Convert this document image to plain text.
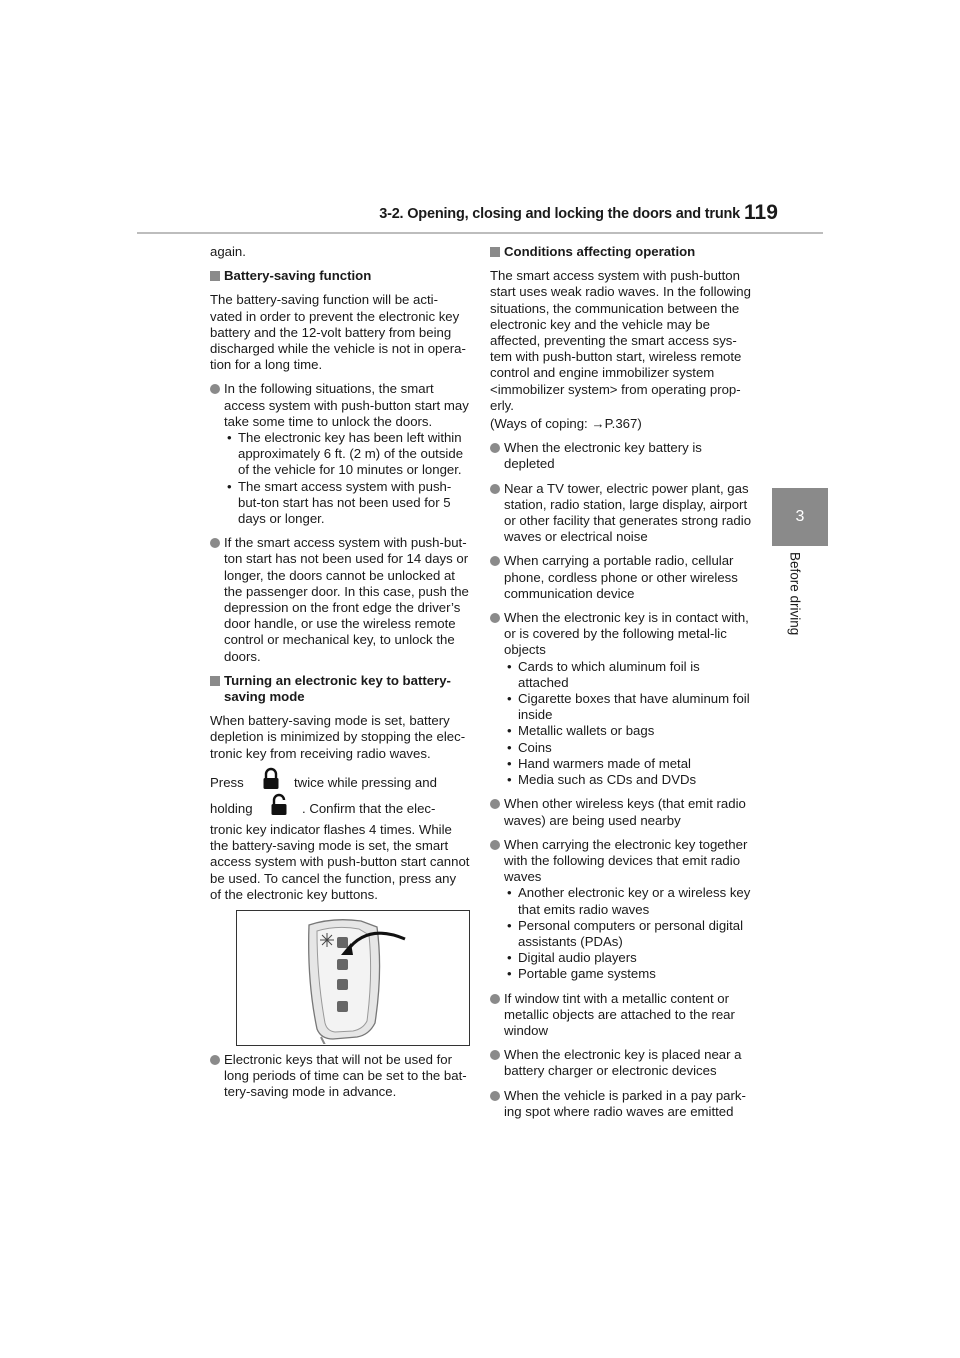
3-2. Opening, closing and locking the doors and trunk 119
3
Before driving

again.

Battery-saving function

The battery-saving function will be acti-vated in order to prevent the electronic key battery and the 12-volt battery from being discharged while the vehicle is not in opera-tion for a long time.

In the following situations, the smart access system with push-button start may take some time to unlock the doors.
• The electronic key has been left within approximately 6 ft. (2 m) of the outside of the vehicle for 10 minutes or longer.
• The smart access system with push-but-ton start has not been used for 5 days or longer.
If the smart access system with push-but-ton start has not been used for 14 days or longer, the doors cannot be unlocked at the passenger door. In this case, push the depression on the front edge the driver’s door handle, or use the wireless remote control or mechanical key, to unlock the doors.
Turning an electronic key to battery-saving mode

When battery-saving mode is set, battery depletion is minimized by stopping the elec-tronic key from receiving radio waves.

Press	twice while pressing and
holding	. Confirm that the elec-

tronic key indicator flashes 4 times. While the battery-saving mode is set, the smart access system with push-button start cannot be used. To cancel the function, press any of the electronic key buttons.

Electronic keys that will not be used for long periods of time can be set to the bat-tery-saving mode in advance.
Conditions affecting operation

The smart access system with push-button start uses weak radio waves. In the following situations, the communication between the electronic key and the vehicle may be affected, preventing the smart access sys-tem with push-button start, wireless remote control and engine immobilizer system <immobilizer system> from operating prop-erly.

(Ways of coping: →P.367)

When the electronic key battery is depleted
Near a TV tower, electric power plant, gas station, radio station, large display, airport or other facility that generates strong radio waves or electrical noise
When carrying a portable radio, cellular phone, cordless phone or other wireless communication device
When the electronic key is in contact with, or is covered by the following metal-lic objects
• Cards to which aluminum foil is attached
• Cigarette boxes that have aluminum foil inside
• Metallic wallets or bags
• Coins
• Hand warmers made of metal
• Media such as CDs and DVDs
When other wireless keys (that emit radio waves) are being used nearby
When carrying the electronic key together with the following devices that emit radio waves
• Another electronic key or a wireless key that emits radio waves
• Personal computers or personal digital assistants (PDAs)
• Digital audio players
• Portable game systems
If window tint with a metallic content or metallic objects are attached to the rear window
When the electronic key is placed near a battery charger or electronic devices
When the vehicle is parked in a pay park-ing spot where radio waves are emitted
